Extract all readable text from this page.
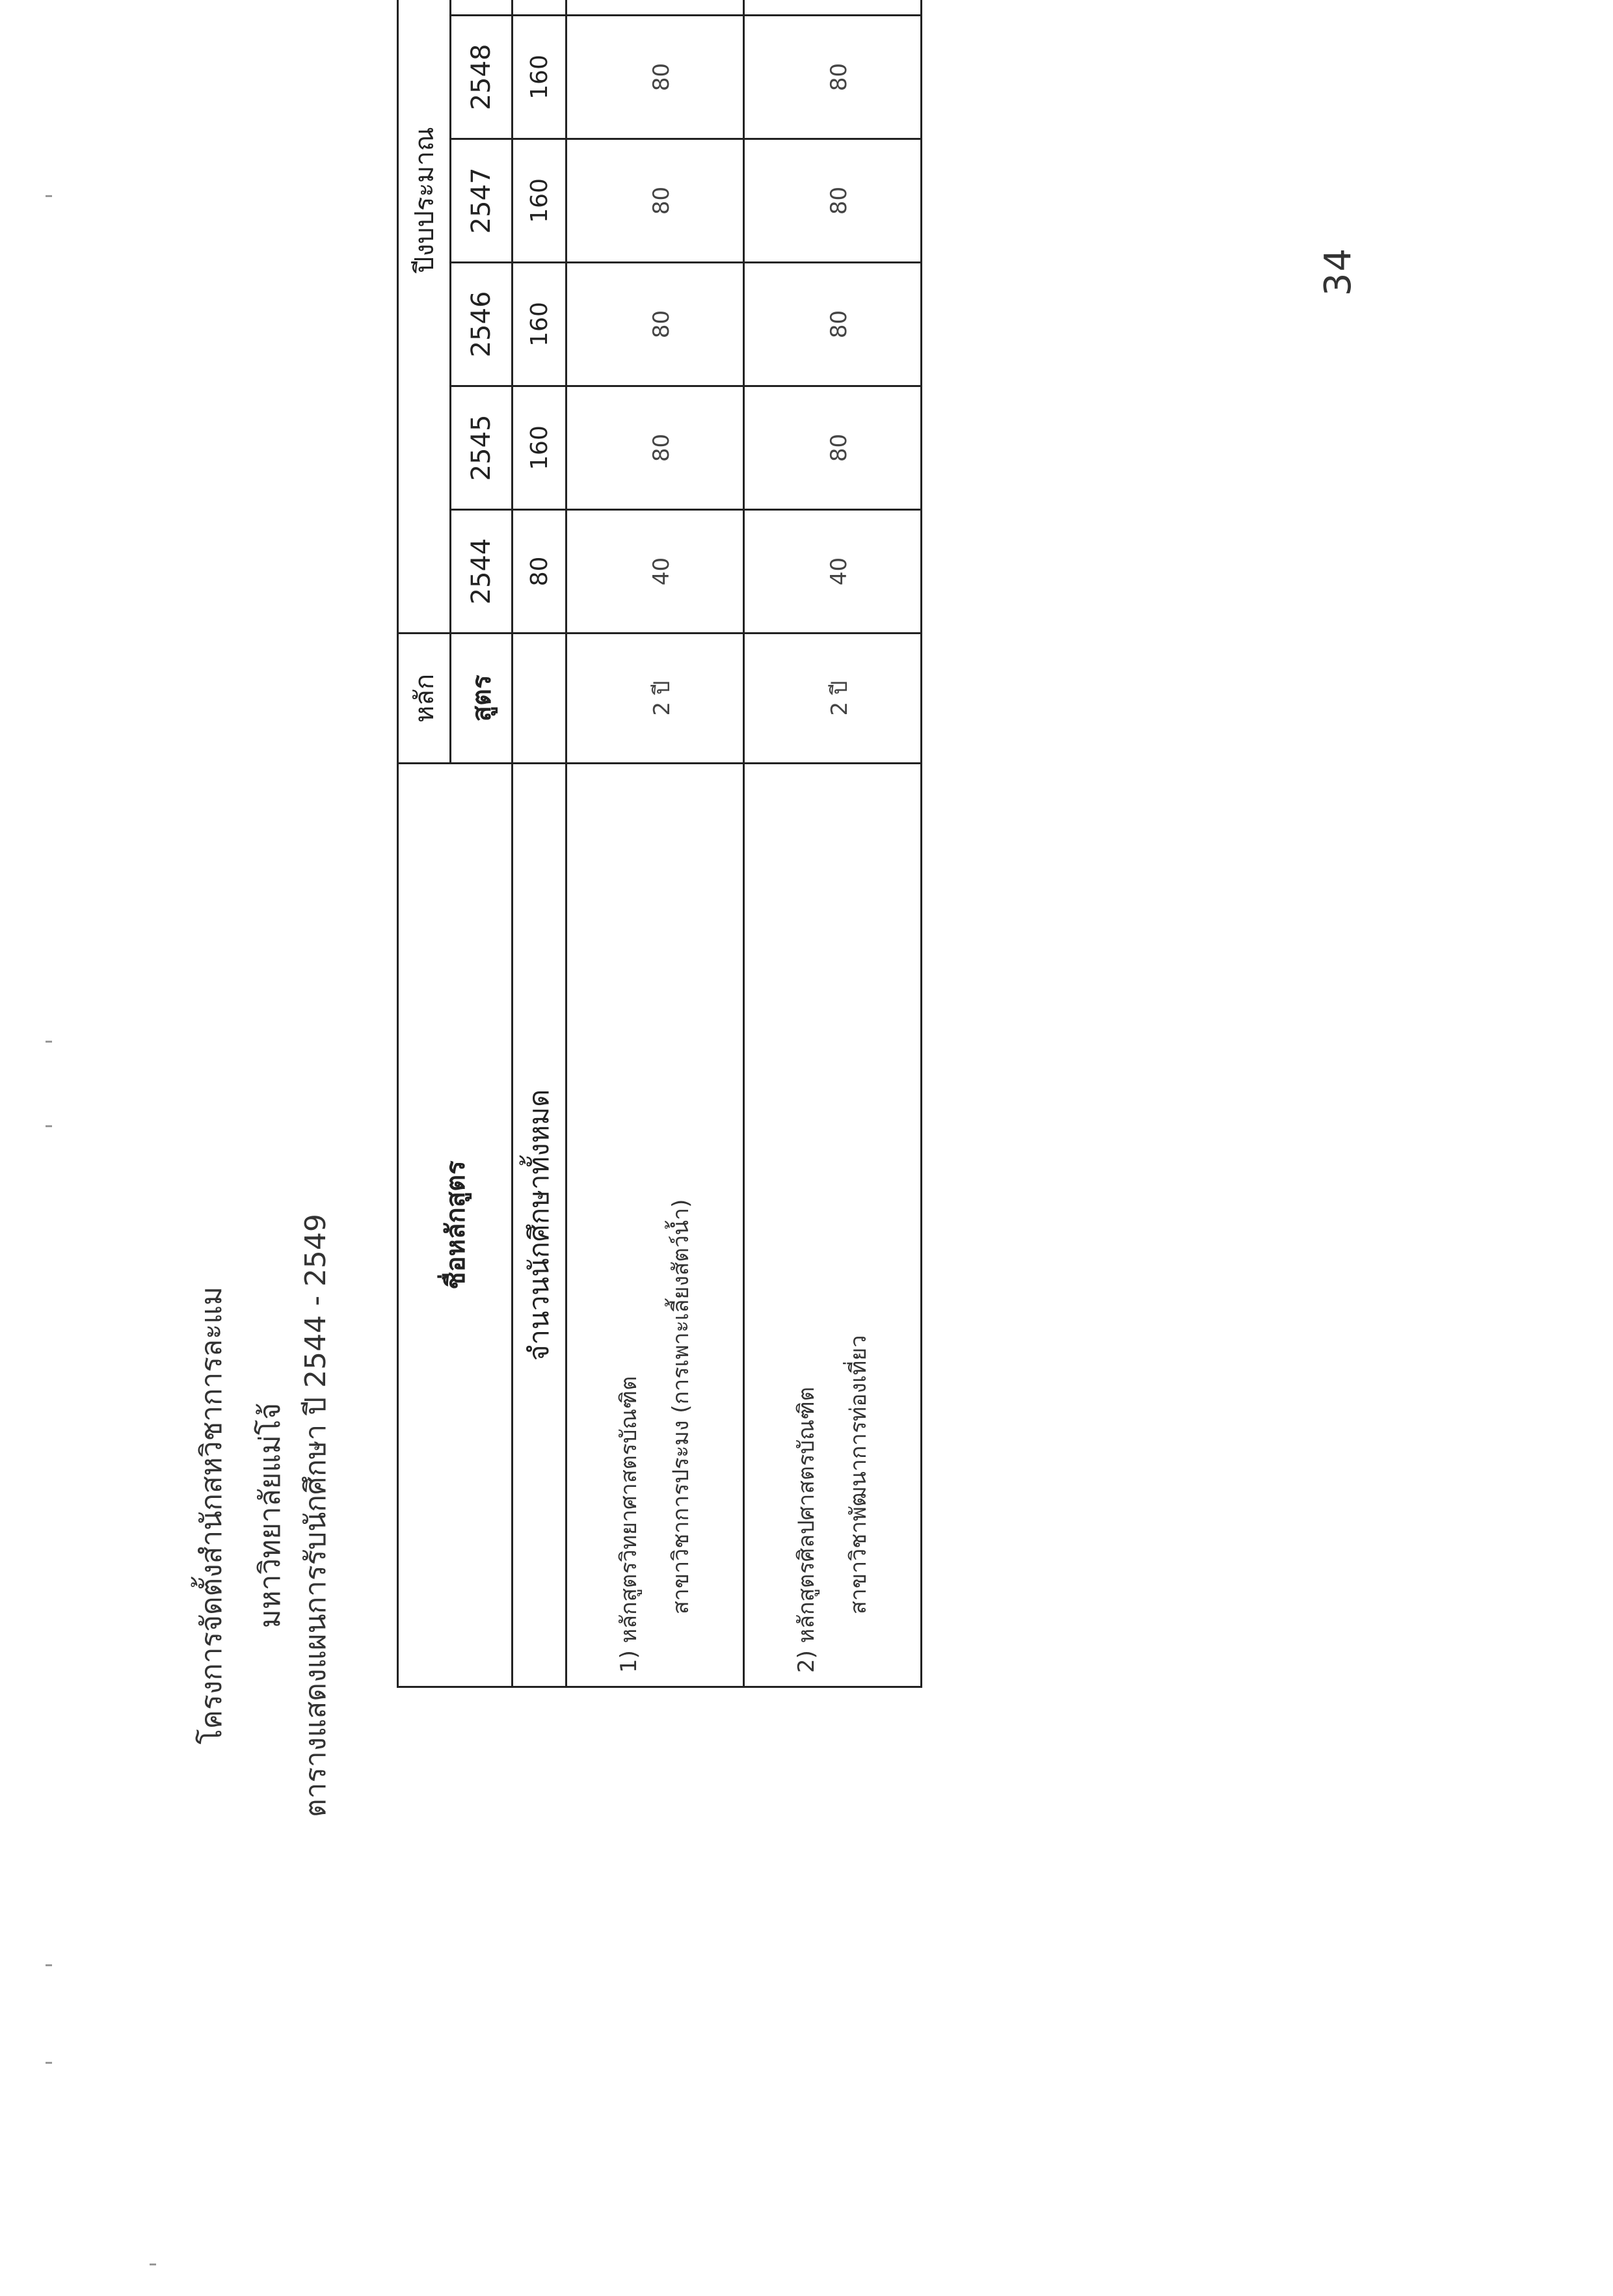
34
โครงการจัดตั้งสำนักสหวิชาการละแม มหาวิทยาลัยแม่โจ้ ตารางแสดงแผนการรับนักศึกษา ปี 2544 - 2549	ชื่อหลักสูตร	หลัก	ปีงบประมาณ						
	สูตร	2544	2545	2546	2547	2548		
จำนวนนักศึกษาทั้งหมด		80	160	160	160	160		

1) หลักสูตรวิทยาศาสตรบัณฑิต สาขาวิชาการประมง (การเพาะเลี้ยงสัตว์น้ำ)	2 ปี	40	80	80	80	80		

2) หลักสูตรศิลปศาสตรบัณฑิต สาขาวิชาพัฒนาการท่องเที่ยว	2 ปี	40	80	80	80	80		
